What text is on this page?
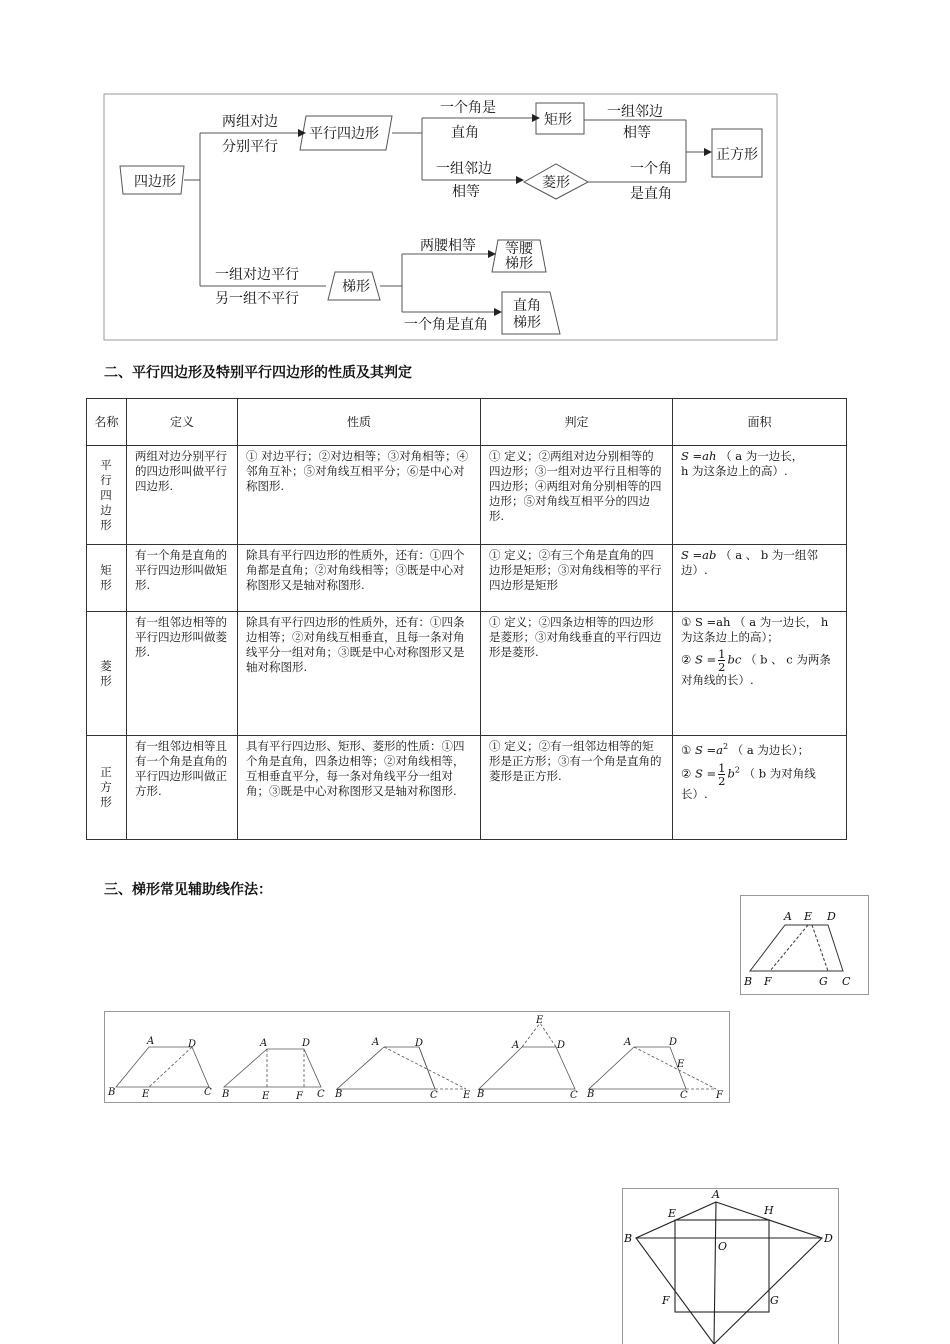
四边形
平行四边形
矩形
菱形
正方形
梯形
等腰
梯形
直角
梯形
两组对边
分别平行
一个角是
直角
一组邻边
相等
一组邻边
相等
一个角
是直角
一组对边平行
另一组不平行
两腰相等
一个角是直角
二、平行四边形及特别平行四边形的性质及其判定
名称	定义	性质	判定	面积
平行四边形	两组对边分别平行的四边形叫做平行四边形.	① 对边平行；②对边相等；③对角相等；④邻角互补；⑤对角线互相平分；⑥是中心对称图形.	① 定义；②两组对边分别相等的四边形；③一组对边平行且相等的四边形；④两组对角分别相等的四边形；⑤对角线互相平分的四边形.	S =ah （ a 为一边长，
h 为这条边上的高）.
矩形	有一个角是直角的平行四边形叫做矩形.	除具有平行四边形的性质外，还有：①四个角都是直角；②对角线相等；③既是中心对称图形又是轴对称图形.	① 定义；②有三个角是直角的四边形是矩形；③对角线相等的平行四边形是矩形	S =ab （ a 、 b 为一组邻边）.
菱形	有一组邻边相等的平行四边形叫做菱形.	除具有平行四边形的性质外，还有：①四条边相等；②对角线互相垂直，且每一条对角线平分一组对角；③既是中心对称图形又是轴对称图形.	① 定义；②四条边相等的四边形是菱形；③对角线垂直的平行四边形是菱形.	① S =ah （ a 为一边长， h 为这条边上的高）；
② $S = \frac{1}{2}$ bc （ b 、 c 为两条对角线的长）.

正方形	有一组邻边相等且有一个角是直角的平行四边形叫做正方形.	具有平行四边形、矩形、菱形的性质：①四个角是直角，四条边相等；②对角线相等，互相垂直平分，每一条对角线平分一组对角；③既是中心对称图形又是轴对称图形.	① 定义；②有一组邻边相等的矩形是正方形；③有一个角是直角的菱形是正方形.	① $S =a^2$ （ a 为边长）；
② $S = \frac{1}{2} b^2$ （ b 为对角线长）.
三、梯形常见辅助线作法：
A E D
B F	G C
A	D
B	E	C
A	D
B	E	F C
A	D
B	C	E
E
A	D
B	C
A	D
E
B	C	F
A
E	H
B
O
D
F	G
